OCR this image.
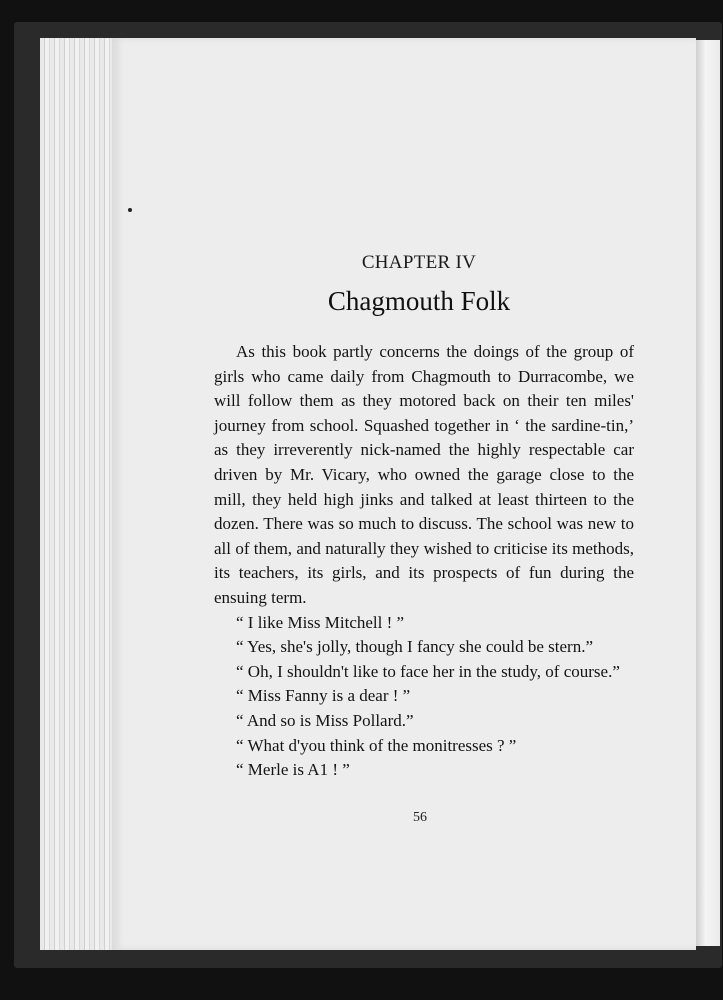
CHAPTER IV
Chagmouth Folk

As this book partly concerns the doings of the group of girls who came daily from Chagmouth to Durracombe, we will follow them as they motored back on their ten miles' journey from school. Squashed together in ‘ the sardine-tin,’ as they irreverently nick-named the highly respectable car driven by Mr. Vicary, who owned the garage close to the mill, they held high jinks and talked at least thirteen to the dozen. There was so much to discuss. The school was new to all of them, and naturally they wished to criticise its methods, its teachers, its girls, and its prospects of fun during the ensuing term.

“ I like Miss Mitchell ! ”

“ Yes, she's jolly, though I fancy she could be stern.”

“ Oh, I shouldn't like to face her in the study, of course.”

“ Miss Fanny is a dear ! ”

“ And so is Miss Pollard.”

“ What d'you think of the monitresses ? ”

“ Merle is A1 ! ”

56
